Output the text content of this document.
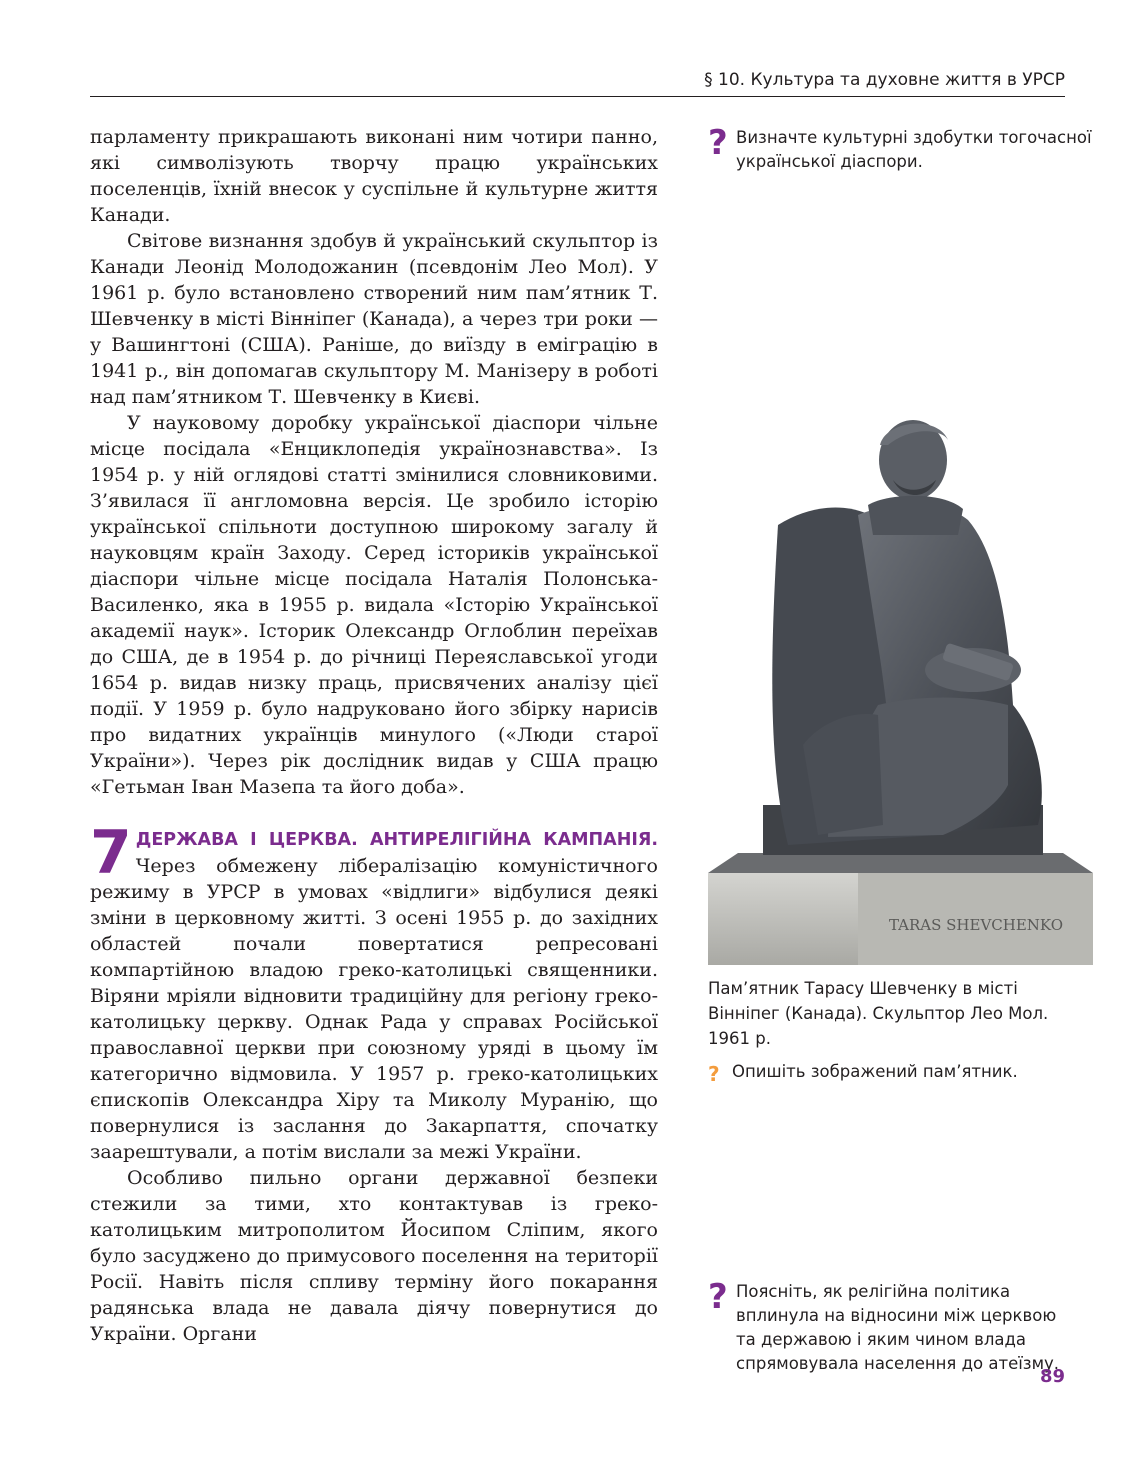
§ 10. Культура та духовне життя в УРСР

парламенту прикрашають виконані ним чотири панно, які символізують творчу працю українських поселенців, їхній внесок у суспільне й культурне життя Канади.

Світове визнання здобув й український скульптор із Канади Леонід Молодожанин (псевдонім Лео Мол). У 1961 р. було встановлено створений ним пам’ятник Т. Шевченку в місті Вінніпег (Канада), а через три роки — у Вашингтоні (США). Раніше, до виїзду в еміграцію в 1941 р., він допомагав скульптору М. Манізеру в роботі над пам’ятником Т. Шевченку в Києві.

У науковому доробку української діаспори чільне місце посідала «Енциклопедія українознавства». Із 1954 р. у ній оглядові статті змінилися словниковими. З’явилася її англомовна версія. Це зробило історію української спільноти доступною широкому загалу й науковцям країн Заходу. Серед істориків української діаспори чільне місце посідала Наталія Полонська-Василенко, яка в 1955 р. видала «Історію Української академії наук». Історик Олександр Оглоблин переїхав до США, де в 1954 р. до річниці Переяславської угоди 1654 р. видав низку праць, присвячених аналізу цієї події. У 1959 р. було надруковано його збірку нарисів про видатних українців минулого («Люди старої України»). Через рік дослідник видав у США працю «Гетьман Іван Мазепа та його доба».

7 ДЕРЖАВА І ЦЕРКВА. АНТИРЕЛІГІЙНА КАМПАНІЯ. Через обмежену лібералізацію комуністичного режиму в УРСР в умовах «відлиги» відбулися деякі зміни в церковному житті. З осені 1955 р. до західних областей почали повертатися репресовані компартійною владою греко-католицькі священники. Віряни мріяли відновити традиційну для регіону греко-католицьку церкву. Однак Рада у справах Російської православної церкви при союзному уряді в цьому їм категорично відмовила. У 1957 р. греко-католицьких єпископів Олександра Хіру та Миколу Муранію, що повернулися із заслання до Закарпаття, спочатку заарештували, а потім вислали за межі України.

Особливо пильно органи державної безпеки стежили за тими, хто контактував із греко-католицьким митрополитом Йосипом Сліпим, якого було засуджено до примусового поселення на території Росії. Навіть після спливу терміну його покарання радянська влада не давала діячу повернутися до України. Органи

? Визначте культурні здобутки тогочасної української діаспори.
TARAS SHEVCHENKO
Пам’ятник Тарасу Шевченку в місті Вінніпег (Канада). Скульптор Лео Мол. 1961 р.
? Опишіть зображений пам’ятник.
? Поясніть, як релігійна політика вплинула на відносини між церквою та державою і яким чином влада спрямовувала населення до атеїзму.
89
